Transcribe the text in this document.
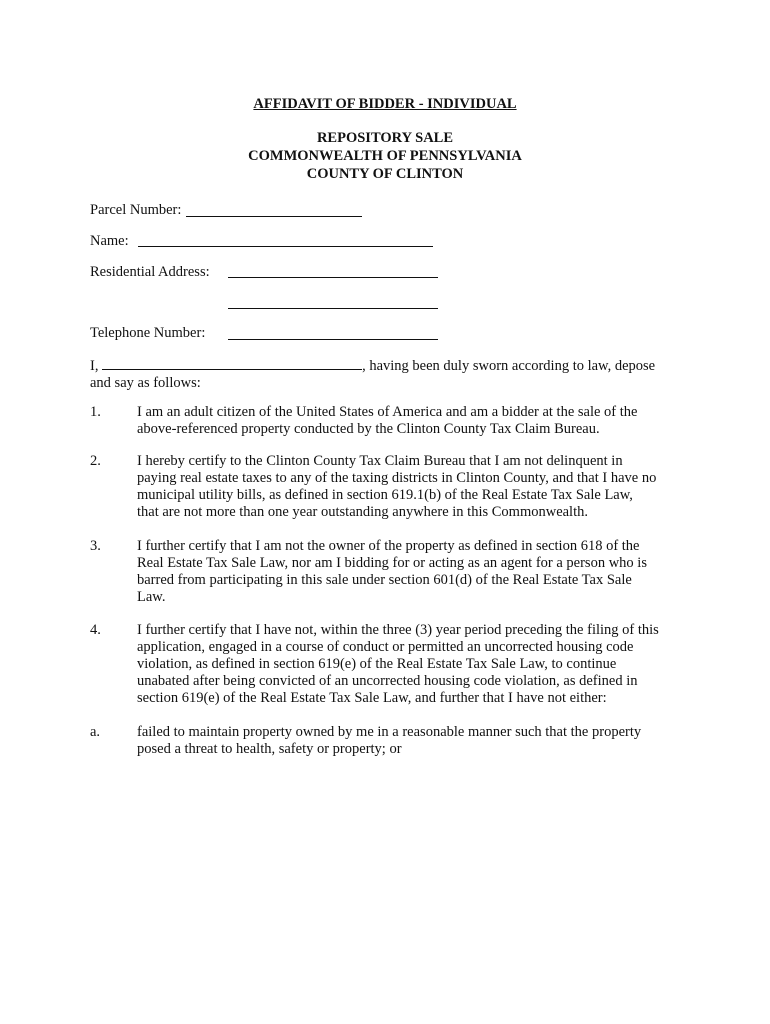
AFFIDAVIT OF BIDDER - INDIVIDUAL
REPOSITORY SALE
COMMONWEALTH OF PENNSYLVANIA
COUNTY OF CLINTON
Parcel Number:
Name:
Residential Address:
Telephone Number:
I,	, having been duly sworn according to law, depose
and say as follows:
1. I am an adult citizen of the United States of America and am a bidder at the sale of the
above-referenced property conducted by the Clinton County Tax Claim Bureau.
2. I hereby certify to the Clinton County Tax Claim Bureau that I am not delinquent in
paying real estate taxes to any of the taxing districts in Clinton County, and that I have no
municipal utility bills, as defined in section 619.1(b) of the Real Estate Tax Sale Law,
that are not more than one year outstanding anywhere in this Commonwealth.
3. I further certify that I am not the owner of the property as defined in section 618 of the
Real Estate Tax Sale Law, nor am I bidding for or acting as an agent for a person who is
barred from participating in this sale under section 601(d) of the Real Estate Tax Sale
Law.
4. I further certify that I have not, within the three (3) year period preceding the filing of this
application, engaged in a course of conduct or permitted an uncorrected housing code
violation, as defined in section 619(e) of the Real Estate Tax Sale Law, to continue
unabated after being convicted of an uncorrected housing code violation, as defined in
section 619(e) of the Real Estate Tax Sale Law, and further that I have not either:
a.	failed to maintain property owned by me in a reasonable manner such that the property
posed a threat to health, safety or property; or
